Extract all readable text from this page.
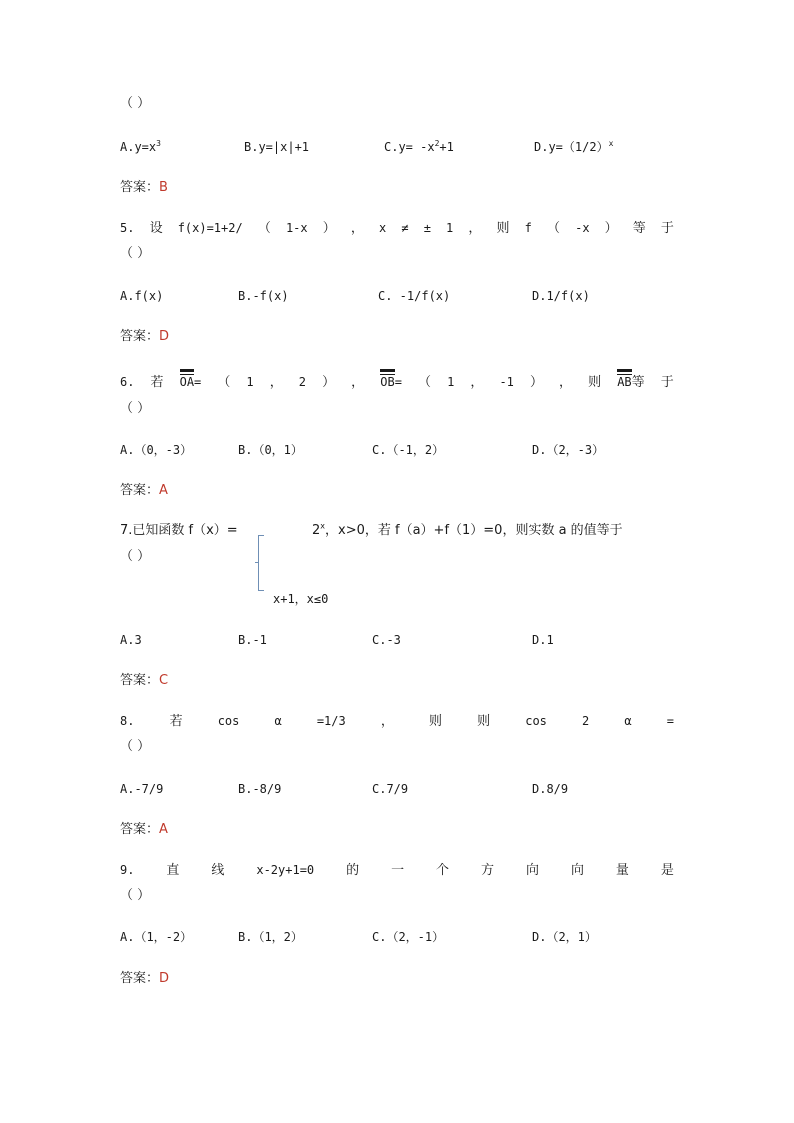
（ ）
$A.y=x^3$	B.y=|x|+1	$C.y= -x^2+1$	$D.y=(1/2)^x$
答案：B
5. 设 f(x)=1+2/ （ 1-x ） ， x ≠ ± 1 ， 则 f （ -x ） 等 于
（ ）
A.f(x)	B.-f(x)	C. -1/f(x)	D.1/f(x)
答案：D
6. 若 OA= （ 1 ， 2 ） ， OB= （ 1 ， -1 ） ， 则 AB等 于
（ ）
A.（0，-3）	B.（0，1）	C.（-1，2）	D.（2，-3）
答案：A
7.已知函数 f（x）=	$2^x$，x>0，若 f（a）+f（1）=0，则实数 a 的值等于
（ ）
x+1，x≤0
A.3	B.-1	C.-3	D.1
答案：C
8.	若	cos	α	=1/3	，	则	则	cos	2	α	=
（ ）
A.-7/9	B.-8/9	C.7/9	D.8/9
答案：A
9. 直 线	x-2y+1=0 的 一 个 方 向 向 量 是
（ ）
A.（1，-2）	B.（1，2）	C.（2，-1）	D.（2，1）
答案：D
